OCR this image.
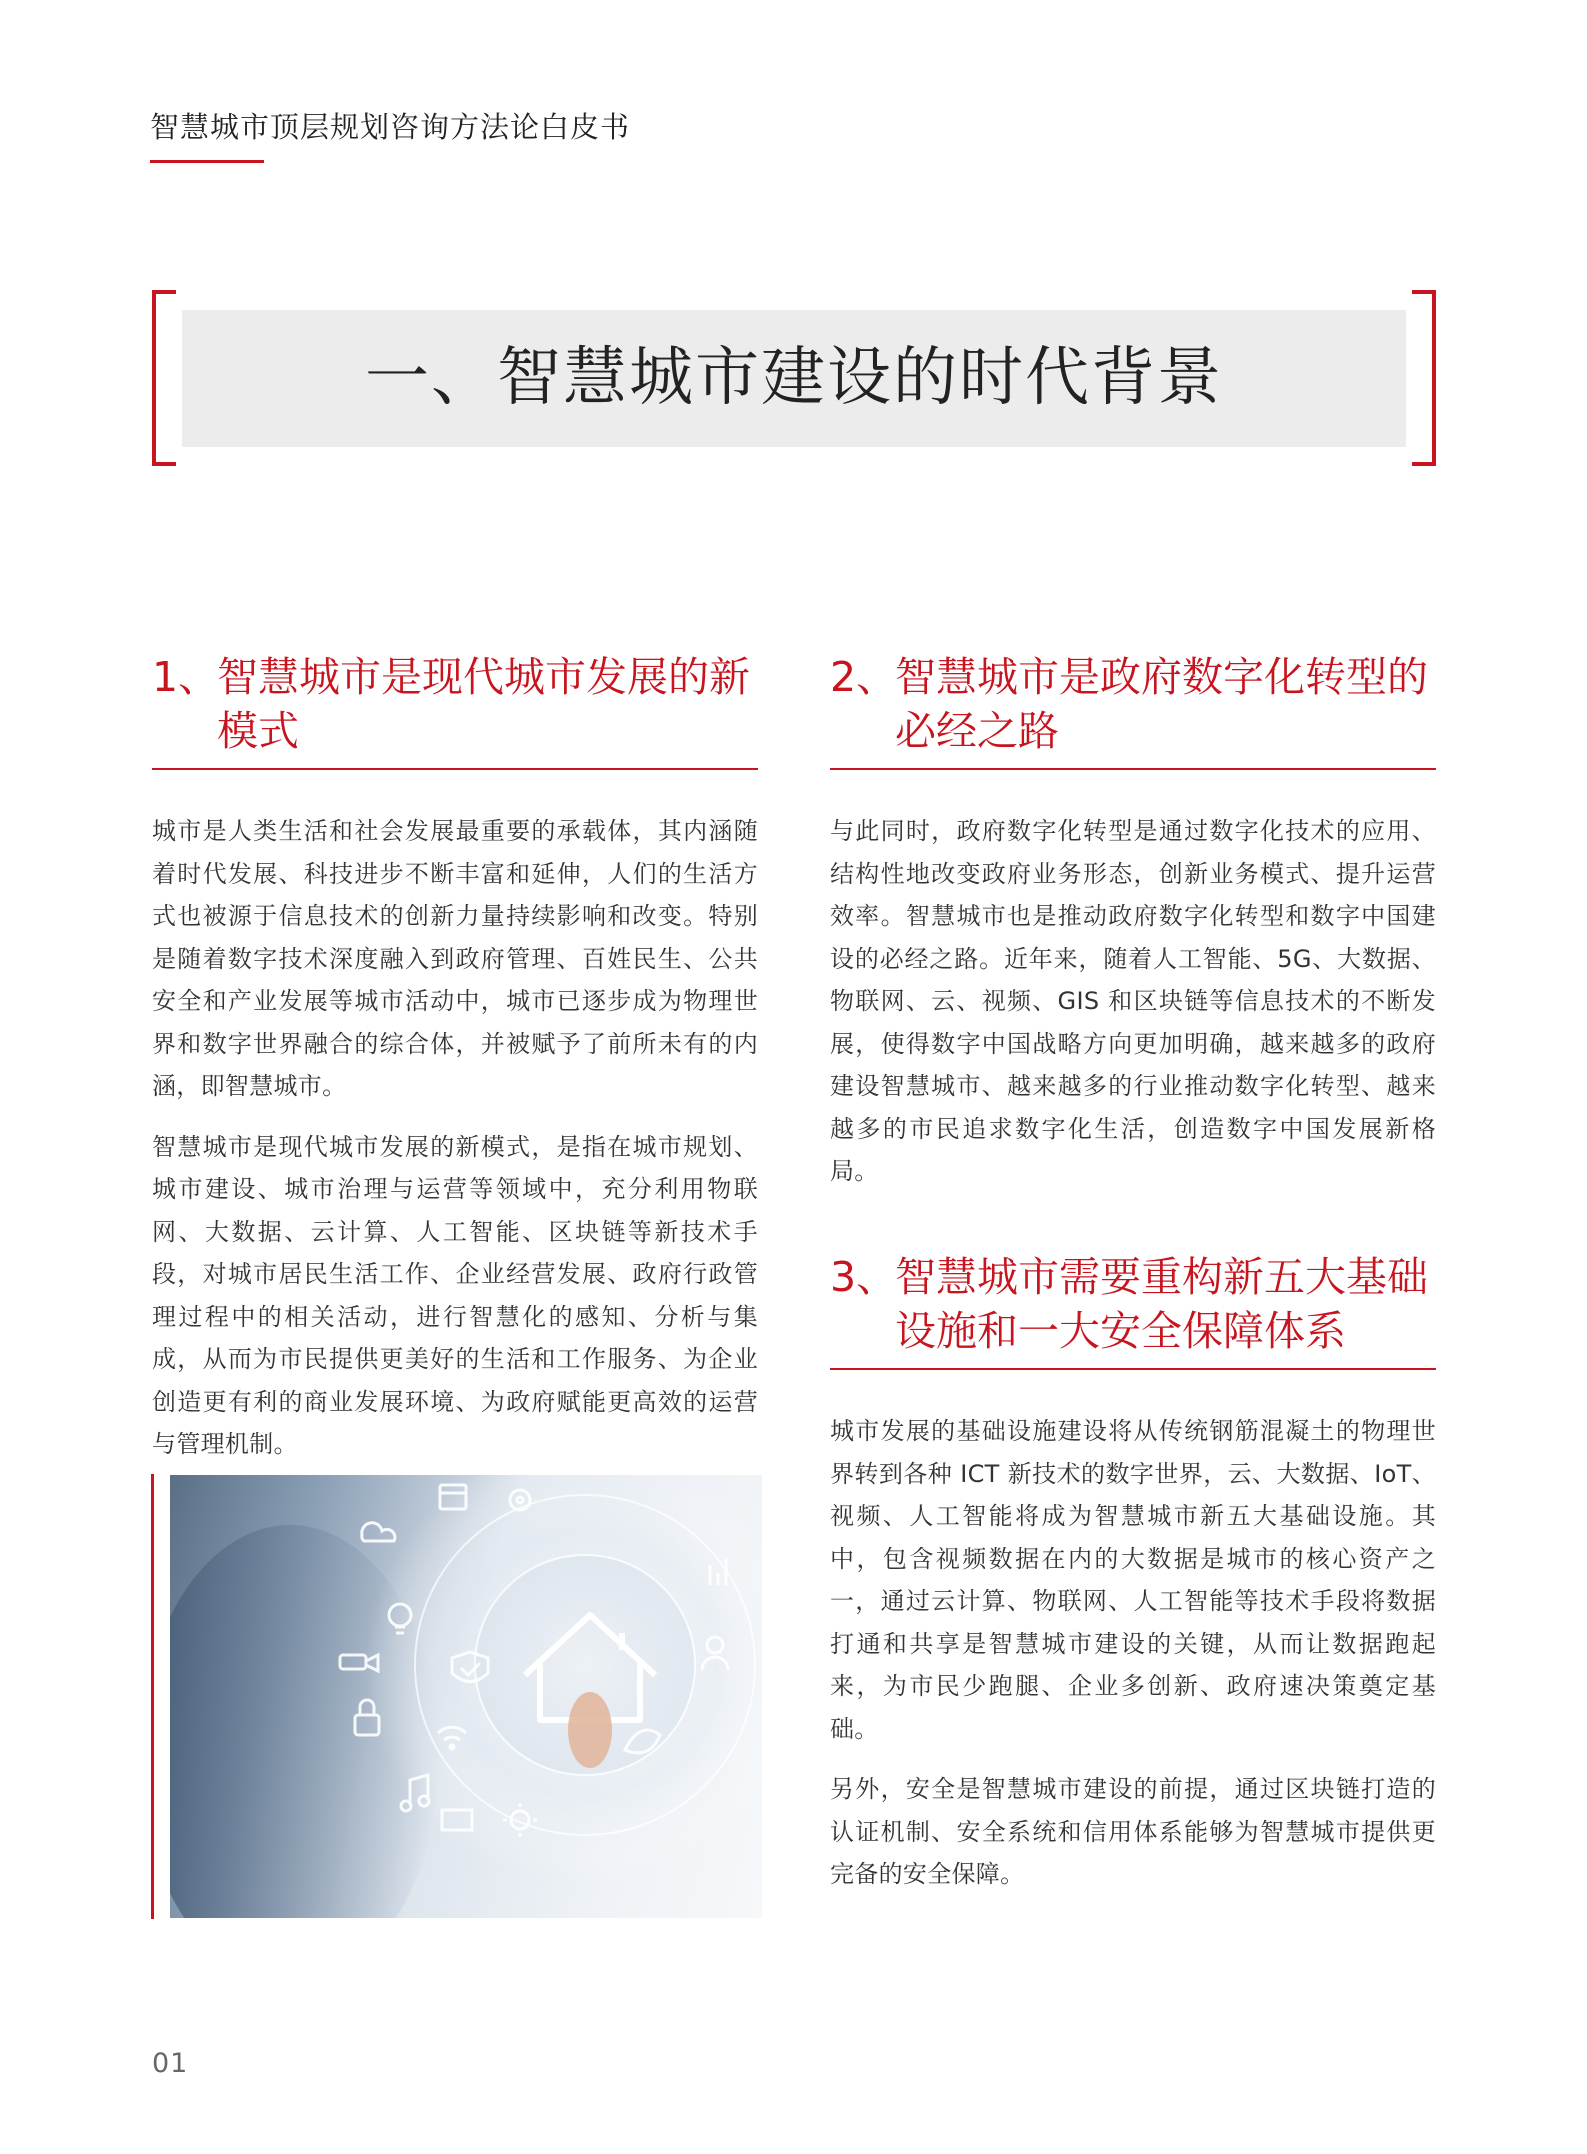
智慧城市顶层规划咨询方法论白皮书
一、智慧城市建设的时代背景
1、
智慧城市是现代城市发展的新模式

城市是人类生活和社会发展最重要的承载体，其内涵随着时代发展、科技进步不断丰富和延伸，人们的生活方式也被源于信息技术的创新力量持续影响和改变。特别是随着数字技术深度融入到政府管理、百姓民生、公共安全和产业发展等城市活动中，城市已逐步成为物理世界和数字世界融合的综合体，并被赋予了前所未有的内涵，即智慧城市。

智慧城市是现代城市发展的新模式，是指在城市规划、城市建设、城市治理与运营等领域中，充分利用物联网、大数据、云计算、人工智能、区块链等新技术手段，对城市居民生活工作、企业经营发展、政府行政管理过程中的相关活动，进行智慧化的感知、分析与集成，从而为市民提供更美好的生活和工作服务、为企业创造更有利的商业发展环境、为政府赋能更高效的运营与管理机制。

2、
智慧城市是政府数字化转型的必经之路

与此同时，政府数字化转型是通过数字化技术的应用、结构性地改变政府业务形态，创新业务模式、提升运营效率。智慧城市也是推动政府数字化转型和数字中国建设的必经之路。近年来，随着人工智能、5G、大数据、物联网、云、视频、GIS 和区块链等信息技术的不断发展，使得数字中国战略方向更加明确，越来越多的政府建设智慧城市、越来越多的行业推动数字化转型、越来越多的市民追求数字化生活，创造数字中国发展新格局。

3、
智慧城市需要重构新五大基础设施和一大安全保障体系

城市发展的基础设施建设将从传统钢筋混凝土的物理世界转到各种 ICT 新技术的数字世界，云、大数据、IoT、视频、人工智能将成为智慧城市新五大基础设施。其中，包含视频数据在内的大数据是城市的核心资产之一，通过云计算、物联网、人工智能等技术手段将数据打通和共享是智慧城市建设的关键，从而让数据跑起来，为市民少跑腿、企业多创新、政府速决策奠定基础。

另外，安全是智慧城市建设的前提，通过区块链打造的认证机制、安全系统和信用体系能够为智慧城市提供更完备的安全保障。

01
